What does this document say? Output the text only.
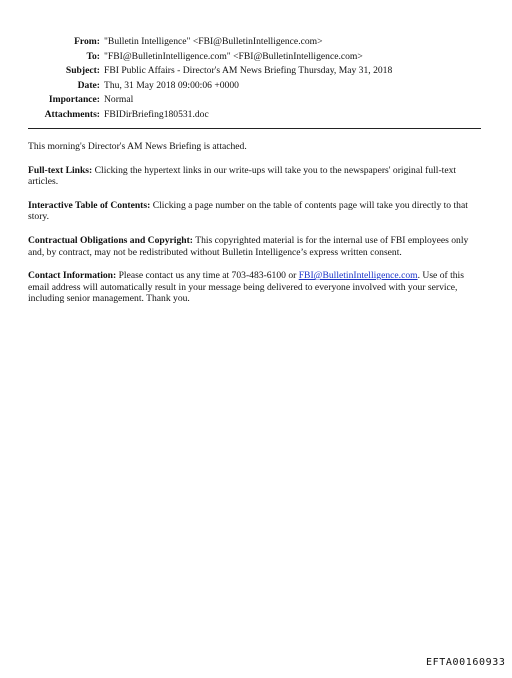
From: "Bulletin Intelligence" <FBI@BulletinIntelligence.com>
To: "FBI@BulletinIntelligence.com" <FBI@BulletinIntelligence.com>
Subject: FBI Public Affairs - Director's AM News Briefing Thursday, May 31, 2018
Date: Thu, 31 May 2018 09:00:06 +0000
Importance: Normal
Attachments: FBIDirBriefing180531.doc

This morning's Director's AM News Briefing is attached.

Full-text Links: Clicking the hypertext links in our write-ups will take you to the newspapers' original full-text articles.

Interactive Table of Contents: Clicking a page number on the table of contents page will take you directly to that story.

Contractual Obligations and Copyright: This copyrighted material is for the internal use of FBI employees only and, by contract, may not be redistributed without Bulletin Intelligence’s express written consent.

Contact Information: Please contact us any time at 703-483-6100 or FBI@BulletinIntelligence.com. Use of this email address will automatically result in your message being delivered to everyone involved with your service, including senior management. Thank you.

EFTA00160933
